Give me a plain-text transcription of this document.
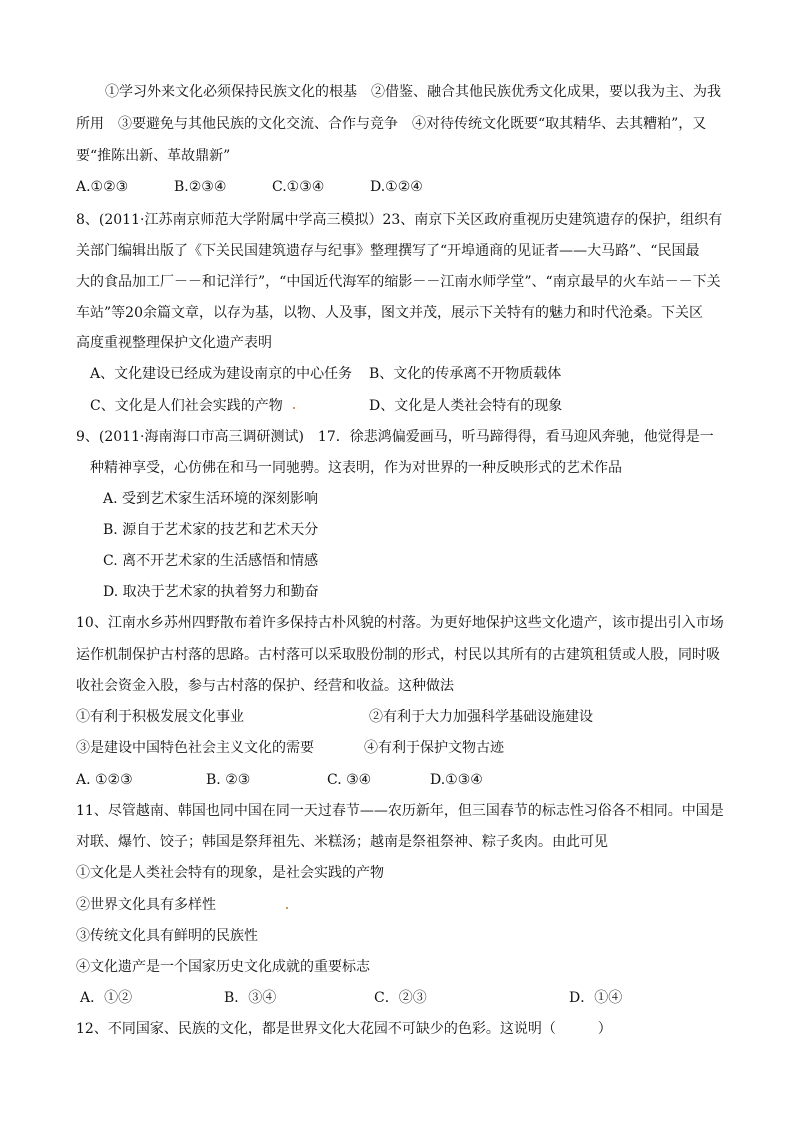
①学习外来文化必须保持民族文化的根基　②借鉴、融合其他民族优秀文化成果，要以我为主、为我
所用　③要避免与其他民族的文化交流、合作与竞争　④对待传统文化既要“取其精华、去其糟粕”，又
要“推陈出新、革故鼎新”
A.①②③	B.②③④	C.①③④	D.①②④
8、(2011·江苏南京师范大学附属中学高三模拟）23、南京下关区政府重视历史建筑遗存的保护，组织有
关部门编辑出版了《下关民国建筑遗存与纪事》整理撰写了“开埠通商的见证者——大马路”、“民国最
大的食品加工厂－－和记洋行”，“中国近代海军的缩影－－江南水师学堂”、“南京最早的火车站－－下关
车站”等20余篇文章，以存为基，以物、人及事，图文并茂，展示下关特有的魅力和时代沧桑。下关区
高度重视整理保护文化遗产表明
A、文化建设已经成为建设南京的中心任务 B、文化的传承离不开物质载体
C、文化是人们社会实践的产物	D、文化是人类社会特有的现象
9、(2011·海南海口市高三调研测试)　17．徐悲鸿偏爱画马，听马蹄得得，看马迎风奔驰，他觉得是一
种精神享受，心仿佛在和马一同驰骋。这表明，作为对世界的一种反映形式的艺术作品
A. 受到艺术家生活环境的深刻影响
B. 源自于艺术家的技艺和艺术天分
C. 离不开艺术家的生活感悟和情感
D. 取决于艺术家的执着努力和勤奋
10、江南水乡苏州四野散布着许多保持古朴风貌的村落。为更好地保护这些文化遗产，该市提出引入市场
运作机制保护古村落的思路。古村落可以采取股份制的形式，村民以其所有的古建筑租赁或人股，同时吸
收社会资金入股，参与古村落的保护、经营和收益。这种做法
①有利于积极发展文化事业	②有利于大力加强科学基础设施建设
③是建设中国特色社会主义文化的需要	④有利于保护文物古迹
A. ①②③	B. ②③	C. ③④	D.①③④
11、尽管越南、韩国也同中国在同一天过春节——农历新年，但三国春节的标志性习俗各不相同。中国是
对联、爆竹、饺子；韩国是祭拜祖先、米糕汤；越南是祭祖祭神、粽子炙肉。由此可见
①文化是人类社会特有的现象，是社会实践的产物
②世界文化具有多样性
③传统文化具有鲜明的民族性
④文化遗产是一个国家历史文化成就的重要标志
A．①②	B．③④	C．②③	D．①④
12、不同国家、民族的文化，都是世界文化大花园不可缺少的色彩。这说明（　　　）
